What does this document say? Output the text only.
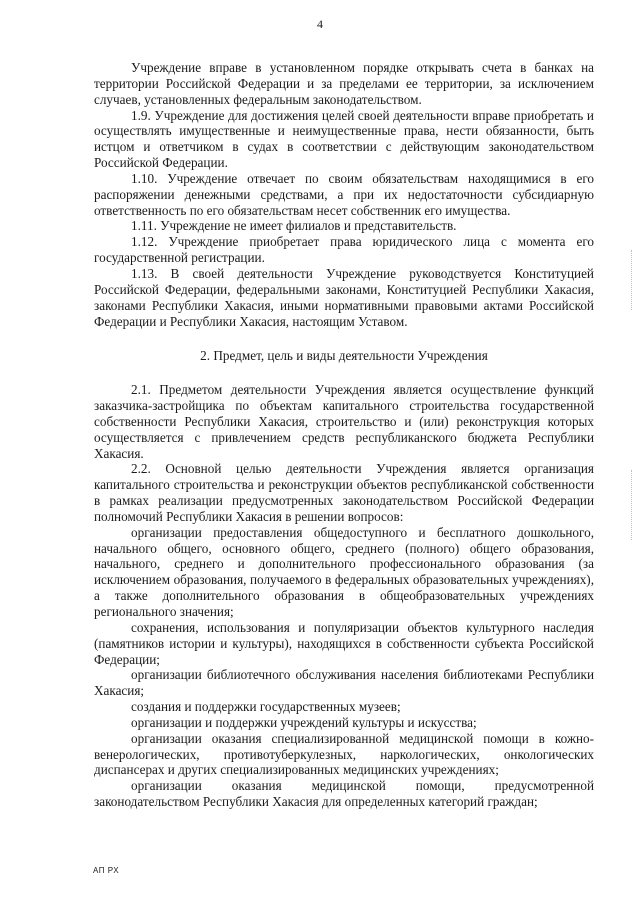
4

Учреждение вправе в установленном порядке открывать счета в банках на территории Российской Федерации и за пределами ее территории, за исключением случаев, установленных федеральным законодательством.

1.9. Учреждение для достижения целей своей деятельности вправе приобретать и осуществлять имущественные и неимущественные права, нести обязанности, быть истцом и ответчиком в судах в соответствии с действующим законодательством Российской Федерации.

1.10. Учреждение отвечает по своим обязательствам находящимися в его распоряжении денежными средствами, а при их недостаточности субсидиарную ответственность по его обязательствам несет собственник его имущества.

1.11. Учреждение не имеет филиалов и представительств.

1.12. Учреждение приобретает права юридического лица с момента его государственной регистрации.

1.13. В своей деятельности Учреждение руководствуется Конституцией Российской Федерации, федеральными законами, Конституцией Республики Хакасия, законами Республики Хакасия, иными нормативными правовыми актами Российской Федерации и Республики Хакасия, настоящим Уставом.

2. Предмет, цель и виды деятельности Учреждения

2.1. Предметом деятельности Учреждения является осуществление функций заказчика-застройщика по объектам капитального строительства государственной собственности Республики Хакасия, строительство и (или) реконструкция которых осуществляется с привлечением средств республиканского бюджета Республики Хакасия.

2.2. Основной целью деятельности Учреждения является организация капитального строительства и реконструкции объектов республиканской собственности в рамках реализации предусмотренных законодательством Российской Федерации полномочий Республики Хакасия в решении вопросов:

организации предоставления общедоступного и бесплатного дошкольного, начального общего, основного общего, среднего (полного) общего образования, начального, среднего и дополнительного профессионального образования (за исключением образования, получаемого в федеральных образовательных учреждениях), а также дополнительного образования в общеобразовательных учреждениях регионального значения;

сохранения, использования и популяризации объектов культурного наследия (памятников истории и культуры), находящихся в собственности субъекта Российской Федерации;

организации библиотечного обслуживания населения библиотеками Республики Хакасия;

создания и поддержки государственных музеев;

организации и поддержки учреждений культуры и искусства;

организации оказания специализированной медицинской помощи в кожно-венерологических, противотуберкулезных, наркологических, онкологических диспансерах и других специализированных медицинских учреждениях;

организации оказания медицинской помощи, предусмотренной законодательством Республики Хакасия для определенных категорий граждан;

АП РХ
